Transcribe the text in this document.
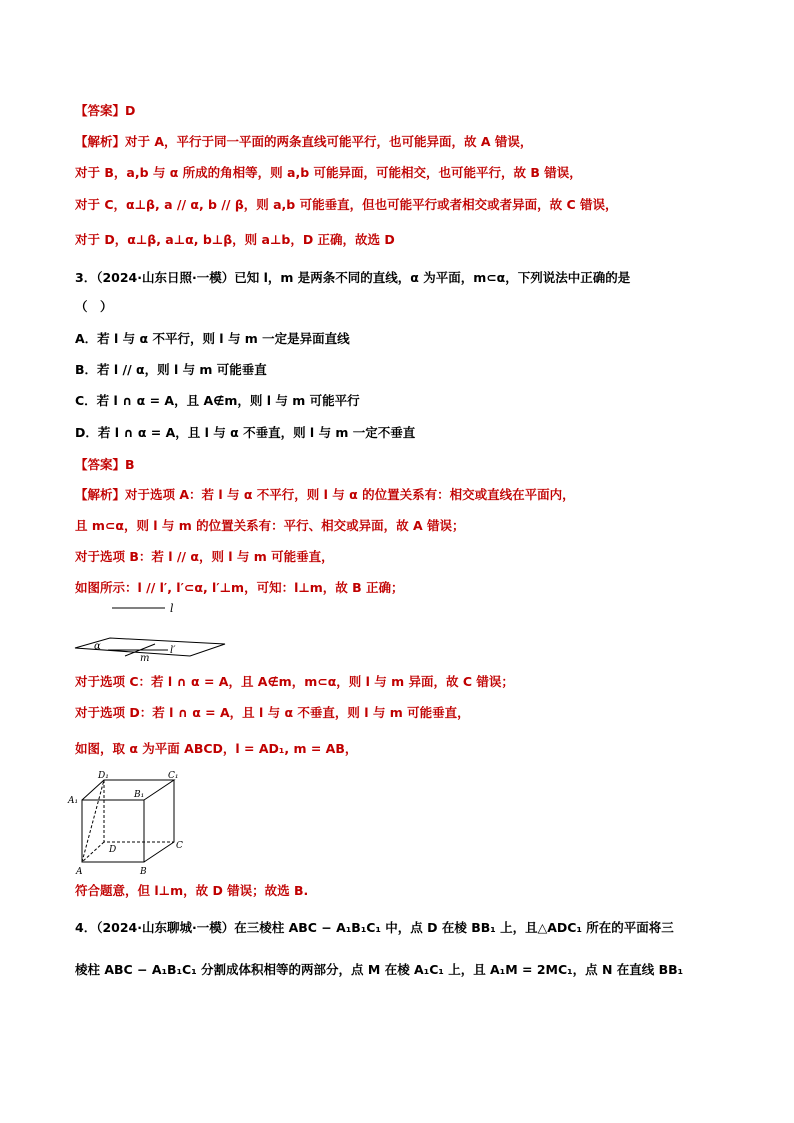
【答案】D
【解析】对于 A，平行于同一平面的两条直线可能平行，也可能异面，故 A 错误，
对于 B，a,b 与 α 所成的角相等，则 a,b 可能异面，可能相交，也可能平行，故 B 错误，
对于 C，α⊥β, a // α, b // β，则 a,b 可能垂直，但也可能平行或者相交或者异面，故 C 错误，
对于 D，α⊥β, a⊥α, b⊥β，则 a⊥b，D 正确，故选 D
3．（2024·山东日照·一模）已知 l，m 是两条不同的直线，α 为平面，m⊂α，下列说法中正确的是
（　）
A．若 l 与 α 不平行，则 l 与 m 一定是异面直线
B．若 l // α，则 l 与 m 可能垂直
C．若 l ∩ α = A，且 A∉m，则 l 与 m 可能平行
D．若 l ∩ α = A，且 l 与 α 不垂直，则 l 与 m 一定不垂直
【答案】B
【解析】对于选项 A：若 l 与 α 不平行，则 l 与 α 的位置关系有：相交或直线在平面内，
且 m⊂α，则 l 与 m 的位置关系有：平行、相交或异面，故 A 错误；
对于选项 B：若 l // α，则 l 与 m 可能垂直，
如图所示：l // l′, l′⊂α, l′⊥m，可知：l⊥m，故 B 正确；
l
α	l′
m
对于选项 C：若 l ∩ α = A，且 A∉m，m⊂α，则 l 与 m 异面，故 C 错误；
对于选项 D：若 l ∩ α = A，且 l 与 α 不垂直，则 l 与 m 可能垂直，
如图，取 α 为平面 ABCD，l = AD₁, m = AB，
D₁	C₁
A₁
B₁
D	C
A	B
符合题意，但 l⊥m，故 D 错误；故选 B.
4．（2024·山东聊城·一模）在三棱柱 ABC − A₁B₁C₁ 中，点 D 在棱 BB₁ 上，且△ADC₁ 所在的平面将三
棱柱 ABC − A₁B₁C₁ 分割成体积相等的两部分，点 M 在棱 A₁C₁ 上，且 A₁M = 2MC₁，点 N 在直线 BB₁
